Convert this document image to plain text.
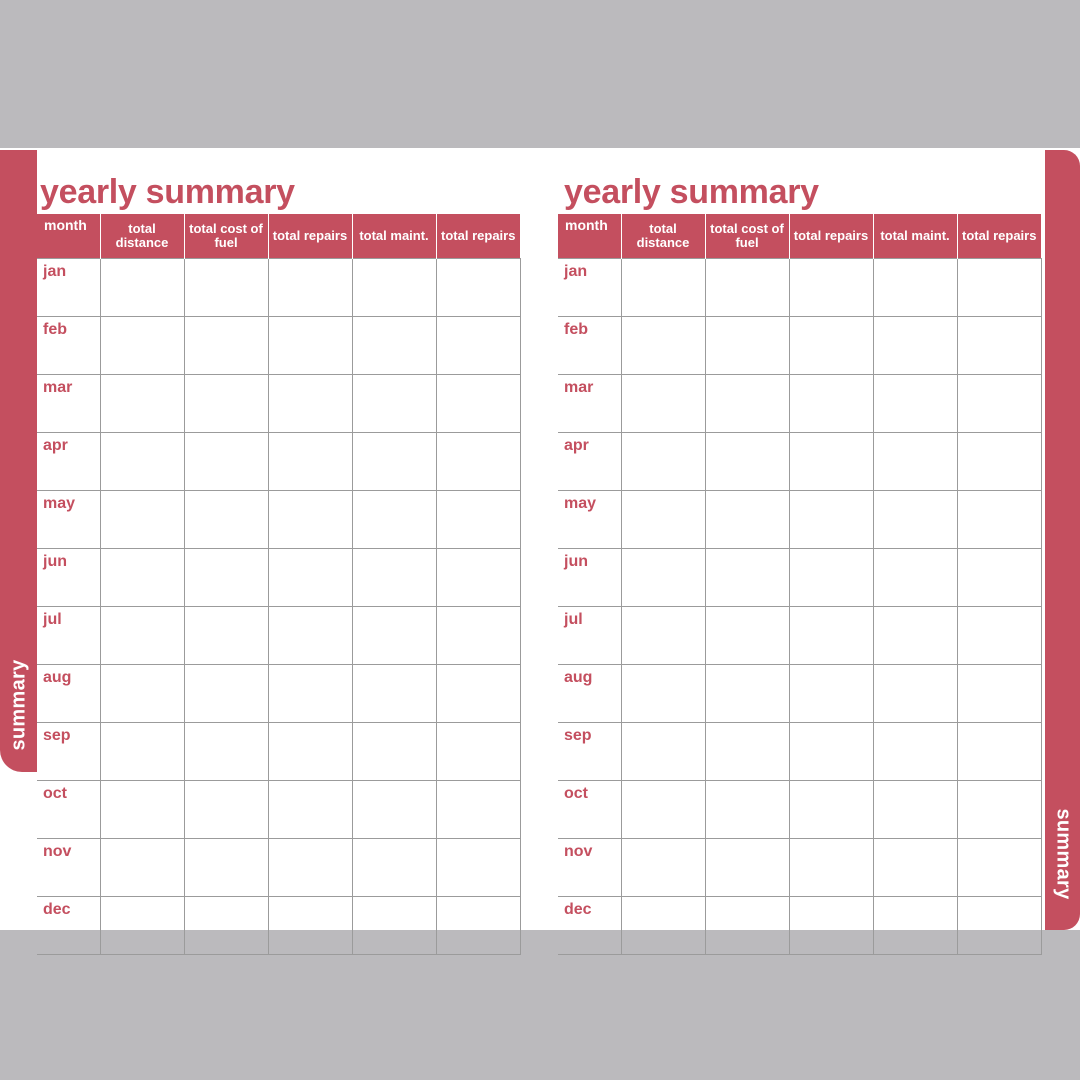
summary
yearly summary
month	total distance	total cost of fuel	total repairs	total maint.	total repairs
jan					
feb					
mar					
apr					
may					
jun					
jul					
aug					
sep					
oct					
nov					
dec					
summary
yearly summary
month	total distance	total cost of fuel	total repairs	total maint.	total repairs
jan					
feb					
mar					
apr					
may					
jun					
jul					
aug					
sep					
oct					
nov					
dec					
